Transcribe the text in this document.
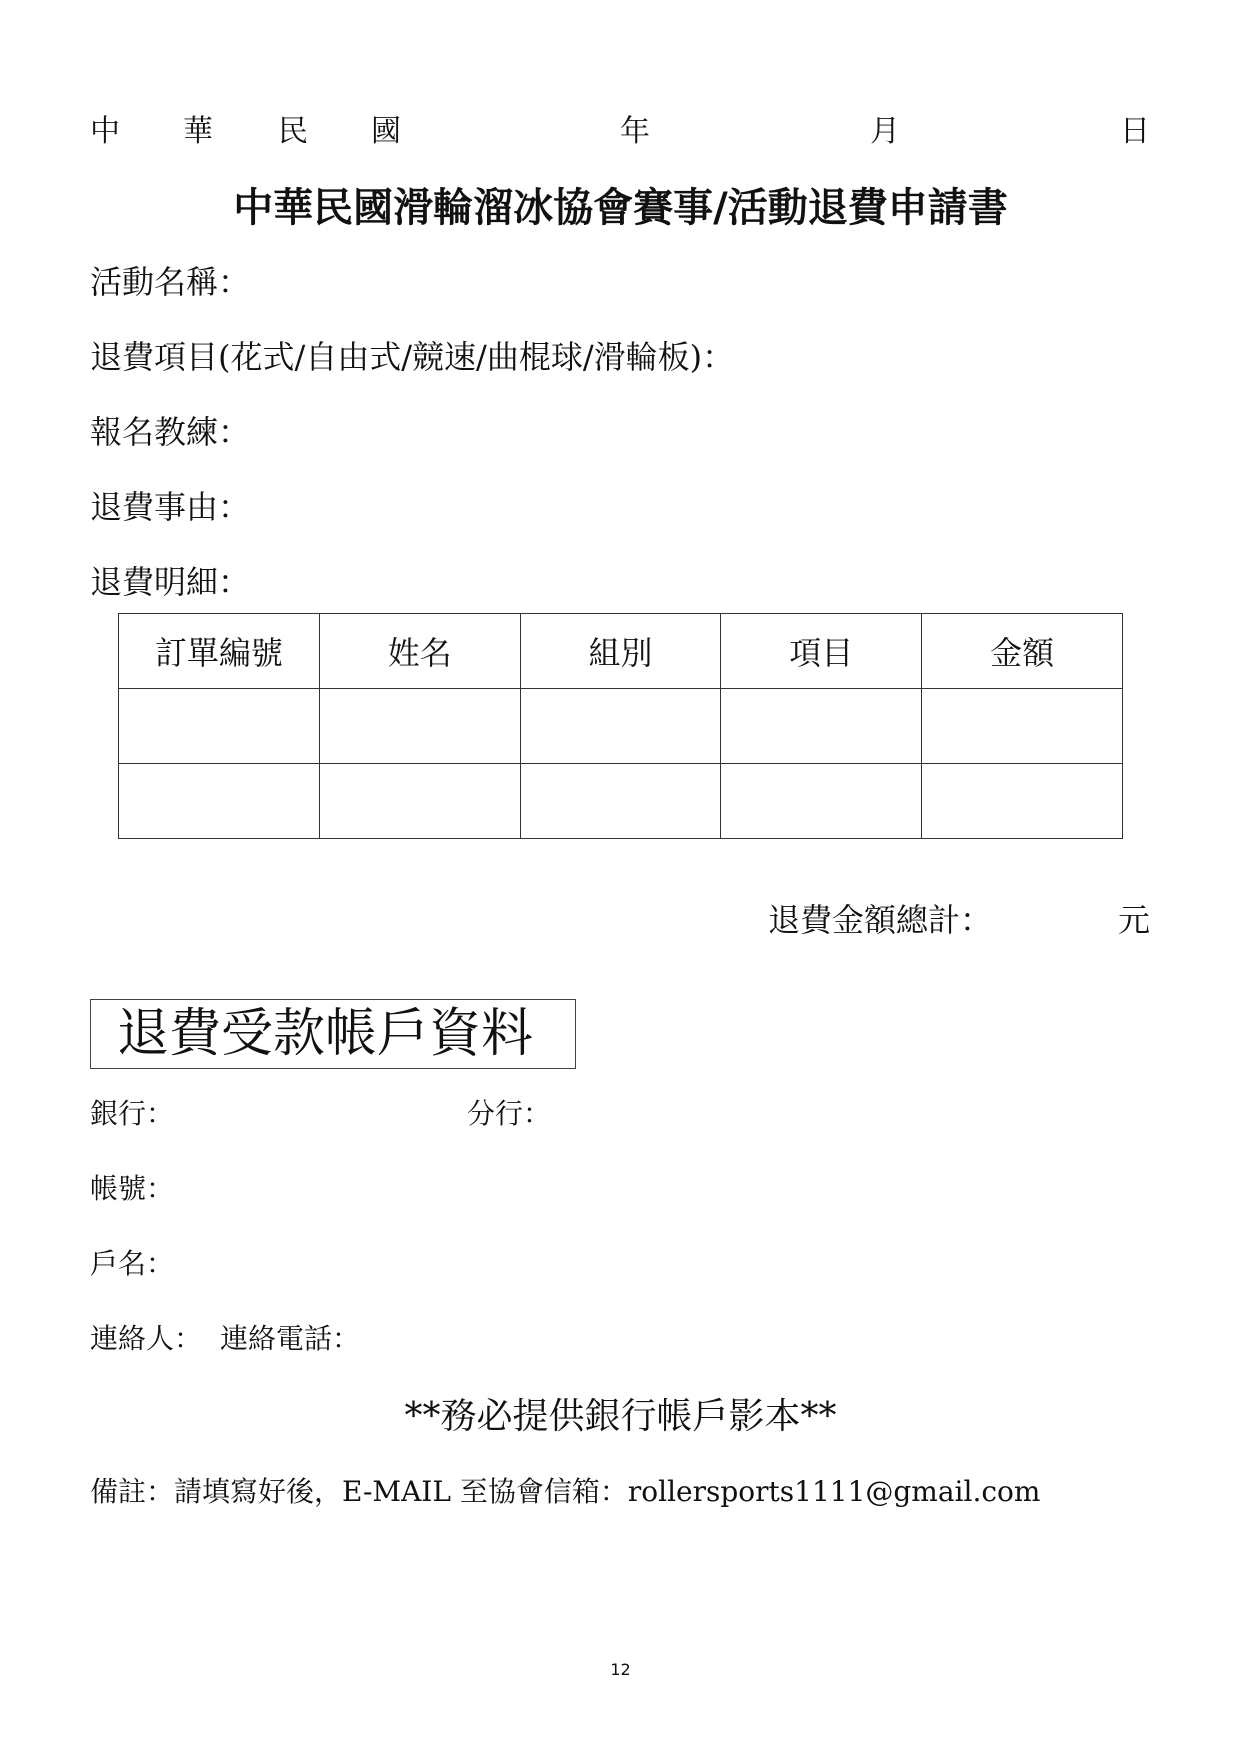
中 華 民 國	年	月	日
中華民國滑輪溜冰協會賽事/活動退費申請書
活動名稱：
退費項目(花式/自由式/競速/曲棍球/滑輪板)：
報名教練：
退費事由：
退費明細：
訂單編號	姓名	組別	項目	金額

退費金額總計：	元
退費受款帳戶資料
銀行：	分行：
帳號：
戶名：
連絡人： 連絡電話：
**務必提供銀行帳戶影本**
備註：請填寫好後，E-MAIL 至協會信箱：rollersports1111@gmail.com
12
